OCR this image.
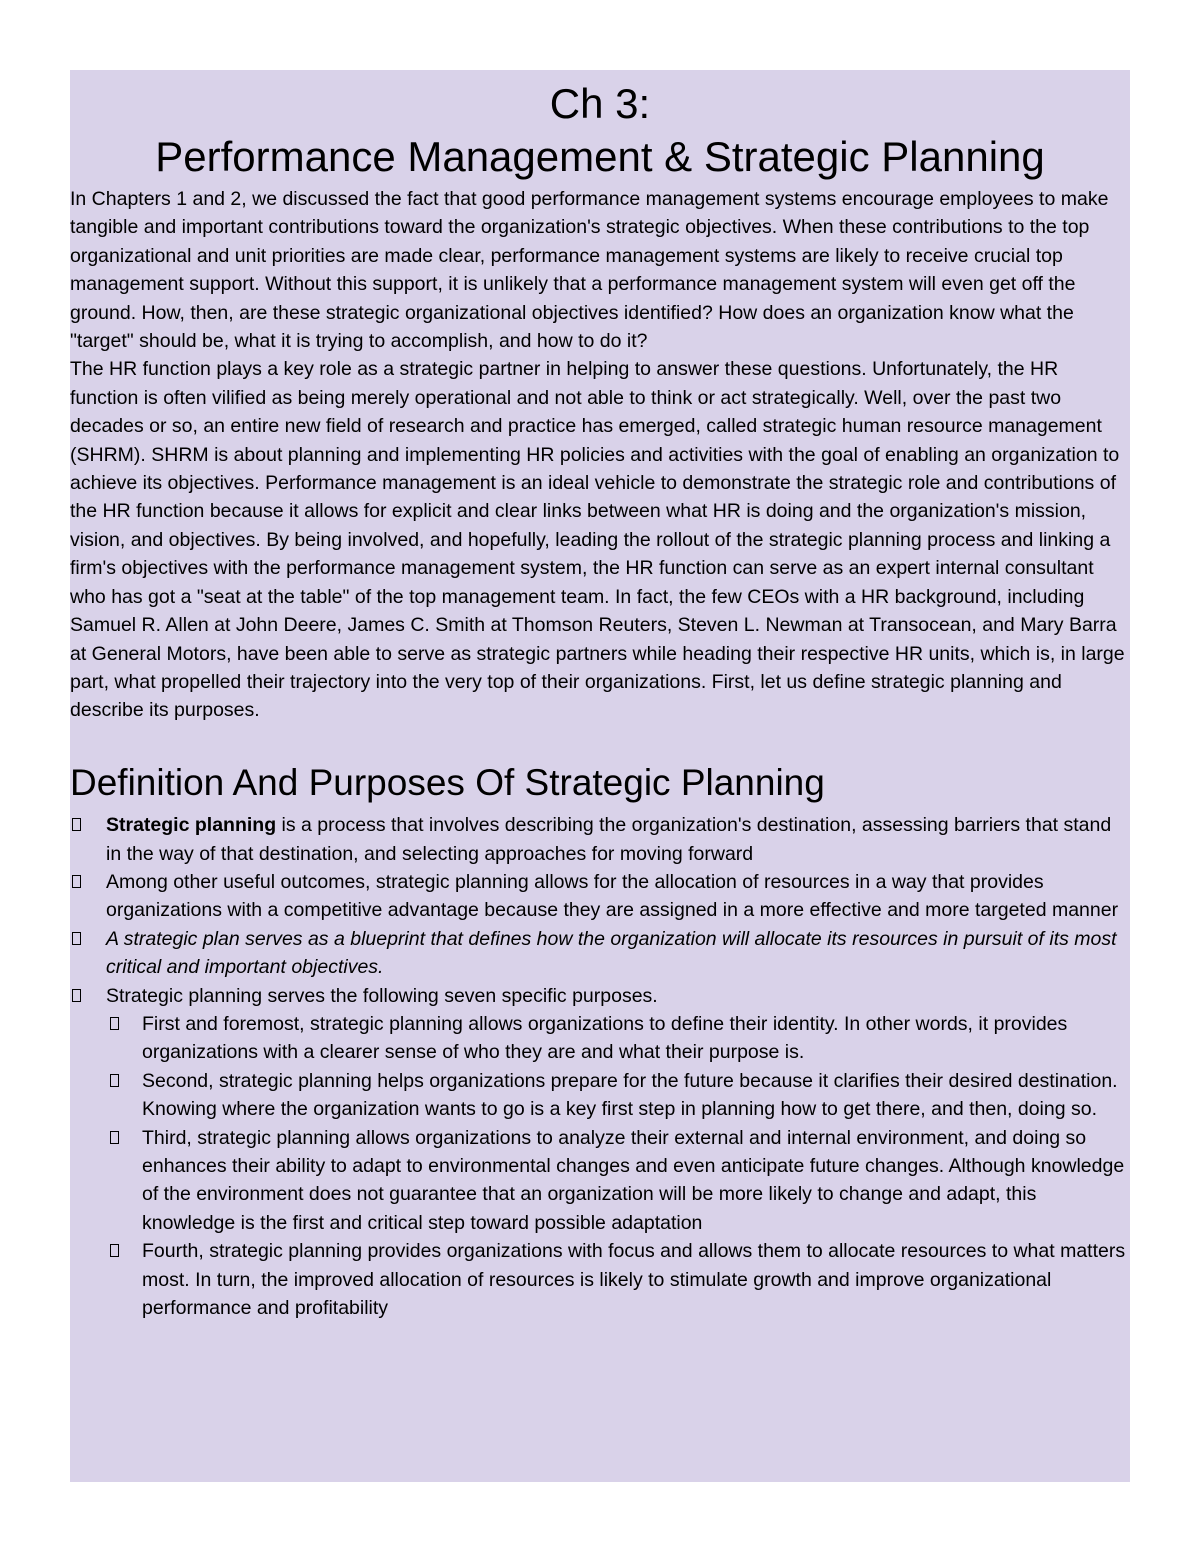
Ch 3:
Performance Management & Strategic Planning

In Chapters 1 and 2, we discussed the fact that good performance management systems encourage employees to make tangible and important contributions toward the organization's strategic objectives. When these contributions to the top organizational and unit priorities are made clear, performance management systems are likely to receive crucial top management support. Without this support, it is unlikely that a performance management system will even get off the ground. How, then, are these strategic organizational objectives identified? How does an organization know what the "target" should be, what it is trying to accomplish, and how to do it?

The HR function plays a key role as a strategic partner in helping to answer these questions. Unfortunately, the HR function is often vilified as being merely operational and not able to think or act strategically. Well, over the past two decades or so, an entire new field of research and practice has emerged, called strategic human resource management (SHRM). SHRM is about planning and implementing HR policies and activities with the goal of enabling an organization to achieve its objectives. Performance management is an ideal vehicle to demonstrate the strategic role and contributions of the HR function because it allows for explicit and clear links between what HR is doing and the organization's mission, vision, and objectives. By being involved, and hopefully, leading the rollout of the strategic planning process and linking a firm's objectives with the performance management system, the HR function can serve as an expert internal consultant who has got a "seat at the table" of the top management team. In fact, the few CEOs with a HR background, including Samuel R. Allen at John Deere, James C. Smith at Thomson Reuters, Steven L. Newman at Transocean, and Mary Barra at General Motors, have been able to serve as strategic partners while heading their respective HR units, which is, in large part, what propelled their trajectory into the very top of their organizations. First, let us define strategic planning and describe its purposes.

Definition And Purposes Of Strategic Planning
Strategic planning is a process that involves describing the organization's destination, assessing barriers that stand in the way of that destination, and selecting approaches for moving forward
Among other useful outcomes, strategic planning allows for the allocation of resources in a way that provides organizations with a competitive advantage because they are assigned in a more effective and more targeted manner
A strategic plan serves as a blueprint that defines how the organization will allocate its resources in pursuit of its most critical and important objectives.
Strategic planning serves the following seven specific purposes.
First and foremost, strategic planning allows organizations to define their identity. In other words, it provides organizations with a clearer sense of who they are and what their purpose is.
Second, strategic planning helps organizations prepare for the future because it clarifies their desired destination. Knowing where the organization wants to go is a key first step in planning how to get there, and then, doing so.
Third, strategic planning allows organizations to analyze their external and internal environment, and doing so enhances their ability to adapt to environmental changes and even anticipate future changes. Although knowledge of the environment does not guarantee that an organization will be more likely to change and adapt, this knowledge is the first and critical step toward possible adaptation
Fourth, strategic planning provides organizations with focus and allows them to allocate resources to what matters most. In turn, the improved allocation of resources is likely to stimulate growth and improve organizational performance and profitability
